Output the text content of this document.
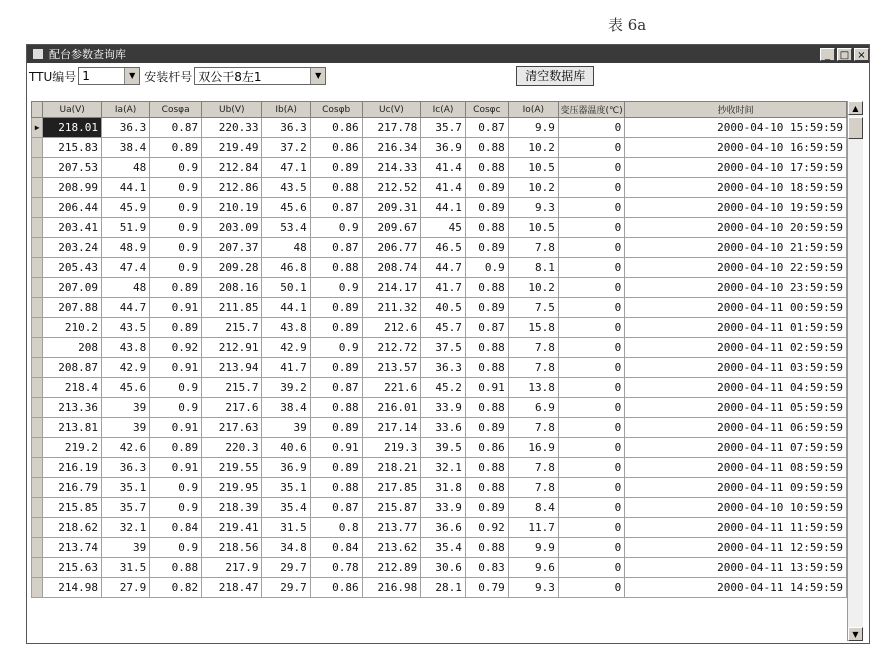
表 6a
配台参数查询库	_ □ ×
TTU编号 1	▼ 安装杆号 双公干8左1	▼	清空数据库
	Ua(V)	Ia(A)	Cosφa	Ub(V)	Ib(A)	Cosφb	Uc(V)	Ic(A)	Cosφc	Io(A)	变压器温度(℃)	抄收时间
▶	218.01	36.3	0.87	220.33	36.3	0.86	217.78	35.7	0.87	9.9	0	2000-04-10 15:59:59
	215.83	38.4	0.89	219.49	37.2	0.86	216.34	36.9	0.88	10.2	0	2000-04-10 16:59:59
	207.53	48	0.9	212.84	47.1	0.89	214.33	41.4	0.88	10.5	0	2000-04-10 17:59:59
	208.99	44.1	0.9	212.86	43.5	0.88	212.52	41.4	0.89	10.2	0	2000-04-10 18:59:59
	206.44	45.9	0.9	210.19	45.6	0.87	209.31	44.1	0.89	9.3	0	2000-04-10 19:59:59
	203.41	51.9	0.9	203.09	53.4	0.9	209.67	45	0.88	10.5	0	2000-04-10 20:59:59
	203.24	48.9	0.9	207.37	48	0.87	206.77	46.5	0.89	7.8	0	2000-04-10 21:59:59
	205.43	47.4	0.9	209.28	46.8	0.88	208.74	44.7	0.9	8.1	0	2000-04-10 22:59:59
	207.09	48	0.89	208.16	50.1	0.9	214.17	41.7	0.88	10.2	0	2000-04-10 23:59:59
	207.88	44.7	0.91	211.85	44.1	0.89	211.32	40.5	0.89	7.5	0	2000-04-11 00:59:59
	210.2	43.5	0.89	215.7	43.8	0.89	212.6	45.7	0.87	15.8	0	2000-04-11 01:59:59
	208	43.8	0.92	212.91	42.9	0.9	212.72	37.5	0.88	7.8	0	2000-04-11 02:59:59
	208.87	42.9	0.91	213.94	41.7	0.89	213.57	36.3	0.88	7.8	0	2000-04-11 03:59:59
	218.4	45.6	0.9	215.7	39.2	0.87	221.6	45.2	0.91	13.8	0	2000-04-11 04:59:59
	213.36	39	0.9	217.6	38.4	0.88	216.01	33.9	0.88	6.9	0	2000-04-11 05:59:59
	213.81	39	0.91	217.63	39	0.89	217.14	33.6	0.89	7.8	0	2000-04-11 06:59:59
	219.2	42.6	0.89	220.3	40.6	0.91	219.3	39.5	0.86	16.9	0	2000-04-11 07:59:59
	216.19	36.3	0.91	219.55	36.9	0.89	218.21	32.1	0.88	7.8	0	2000-04-11 08:59:59
	216.79	35.1	0.9	219.95	35.1	0.88	217.85	31.8	0.88	7.8	0	2000-04-11 09:59:59
	215.85	35.7	0.9	218.39	35.4	0.87	215.87	33.9	0.89	8.4	0	2000-04-10 10:59:59
	218.62	32.1	0.84	219.41	31.5	0.8	213.77	36.6	0.92	11.7	0	2000-04-11 11:59:59
	213.74	39	0.9	218.56	34.8	0.84	213.62	35.4	0.88	9.9	0	2000-04-11 12:59:59
	215.63	31.5	0.88	217.9	29.7	0.78	212.89	30.6	0.83	9.6	0	2000-04-11 13:59:59
	214.98	27.9	0.82	218.47	29.7	0.86	216.98	28.1	0.79	9.3	0	2000-04-11 14:59:59
▲
▼
